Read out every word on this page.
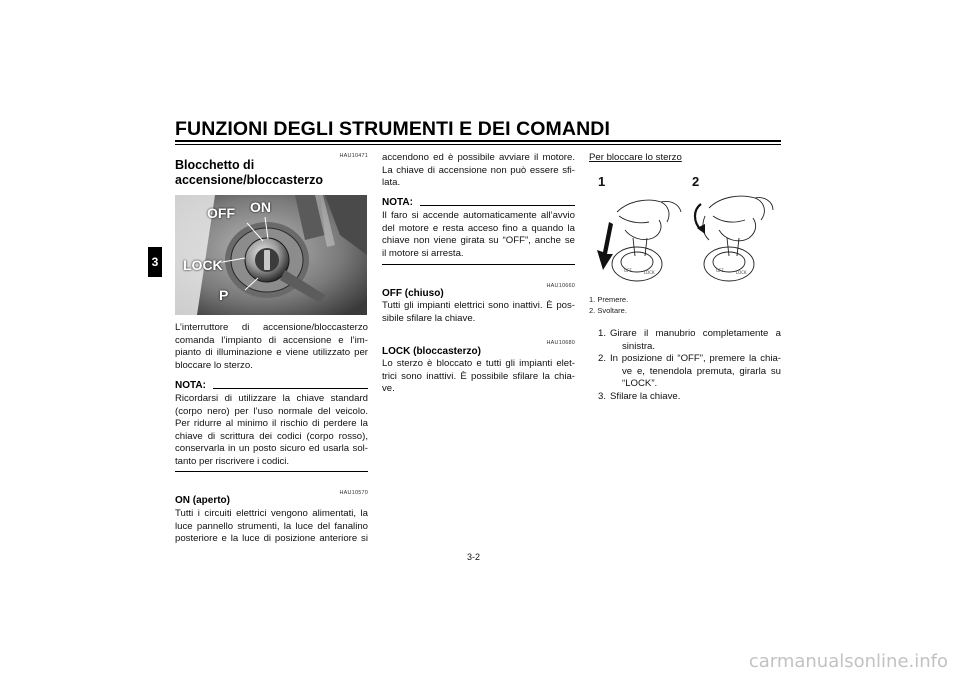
FUNZIONI DEGLI STRUMENTI E DEI COMANDI
3
HAU10471
Blocchetto di
accensione/bloccasterzo
OFF ON
LOCK
P
L’interruttore di accensione/bloccasterzo
comanda l’impianto di accensione e l’im-
pianto di illuminazione e viene utilizzato per
bloccare lo sterzo.
NOTA:
Ricordarsi di utilizzare la chiave standard
(corpo nero) per l’uso normale del veicolo.
Per ridurre al minimo il rischio di perdere la
chiave di scrittura dei codici (corpo rosso),
conservarla in un posto sicuro ed usarla sol-
tanto per riscrivere i codici.
HAU10570
ON (aperto)
Tutti i circuiti elettrici vengono alimentati, la
luce pannello strumenti, la luce del fanalino
posteriore e la luce di posizione anteriore si
accendono ed è possibile avviare il motore.
La chiave di accensione non può essere sfi-
lata.
NOTA:
Il faro si accende automaticamente all’avvio
del motore e resta acceso fino a quando la
chiave non viene girata su “OFF”, anche se
il motore si arresta.
HAU10660
OFF (chiuso)
Tutti gli impianti elettrici sono inattivi. È pos-
sibile sfilare la chiave.
HAU10680
LOCK (bloccasterzo)
Lo sterzo è bloccato e tutti gli impianti elet-
trici sono inattivi. È possibile sfilare la chia-
ve.
Per bloccare lo sterzo
1	2
OFF	LOCK	OFF	LOCK
1. Premere.
2. Svoltare.
1. Girare il manubrio completamente a
sinistra.
2. In posizione di “OFF”, premere la chia-
ve e, tenendola premuta, girarla su
“LOCK”.
3. Sfilare la chiave.
3-2
carmanualsonline.info
